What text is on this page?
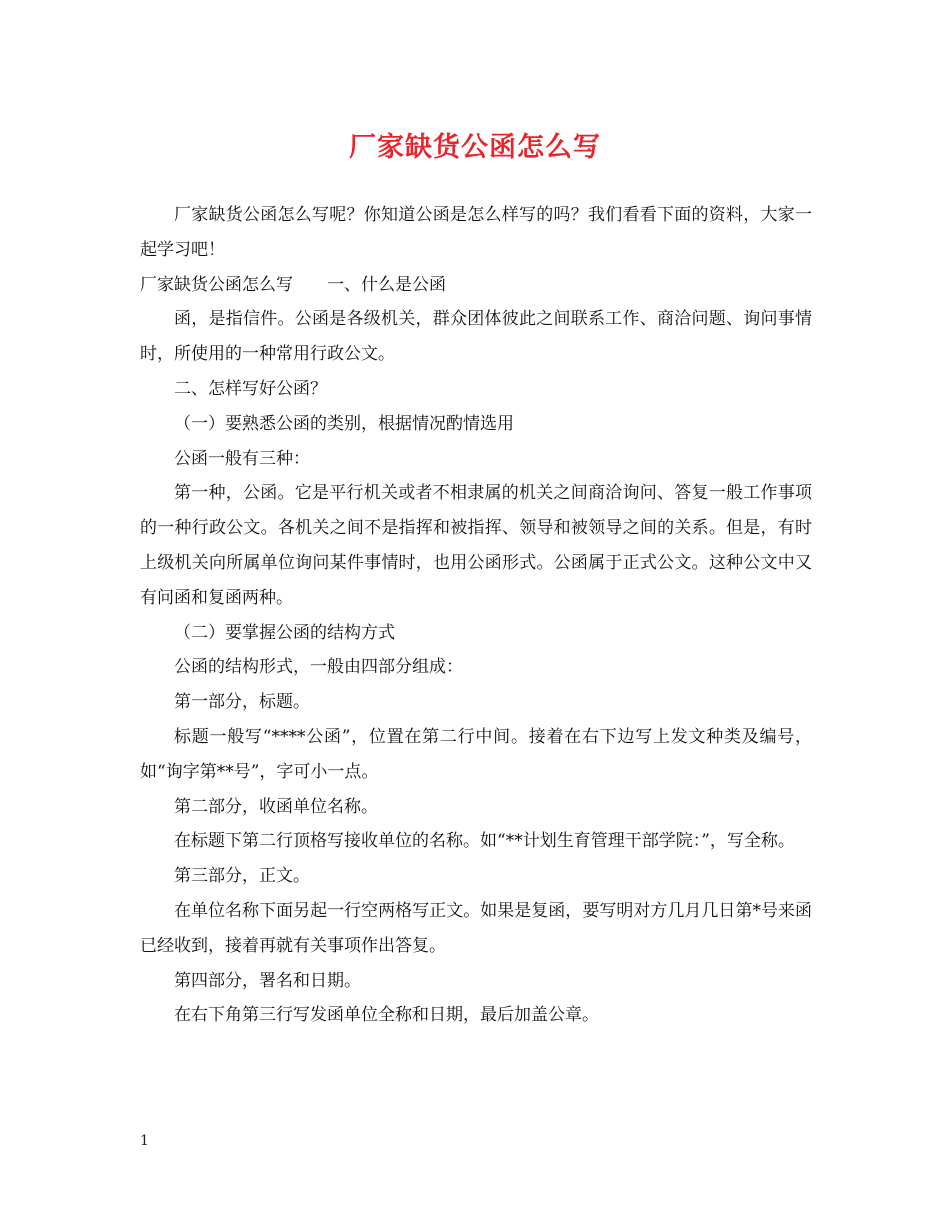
厂家缺货公函怎么写

厂家缺货公函怎么写呢？你知道公函是怎么样写的吗？我们看看下面的资料，大家一起学习吧！

厂家缺货公函怎么写　　一、什么是公函

函，是指信件。公函是各级机关，群众团体彼此之间联系工作、商洽问题、询问事情时，所使用的一种常用行政公文。

二、怎样写好公函？

（一）要熟悉公函的类别，根据情况酌情选用

公函一般有三种：

第一种，公函。它是平行机关或者不相隶属的机关之间商洽询问、答复一般工作事项的一种行政公文。各机关之间不是指挥和被指挥、领导和被领导之间的关系。但是，有时上级机关向所属单位询问某件事情时，也用公函形式。公函属于正式公文。这种公文中又有问函和复函两种。

（二）要掌握公函的结构方式

公函的结构形式，一般由四部分组成：

第一部分，标题。

标题一般写“****公函”，位置在第二行中间。接着在右下边写上发文种类及编号，如“询字第**号”，字可小一点。

第二部分，收函单位名称。

在标题下第二行顶格写接收单位的名称。如“**计划生育管理干部学院：”，写全称。

第三部分，正文。

在单位名称下面另起一行空两格写正文。如果是复函，要写明对方几月几日第*号来函已经收到，接着再就有关事项作出答复。

第四部分，署名和日期。

在右下角第三行写发函单位全称和日期，最后加盖公章。

1
